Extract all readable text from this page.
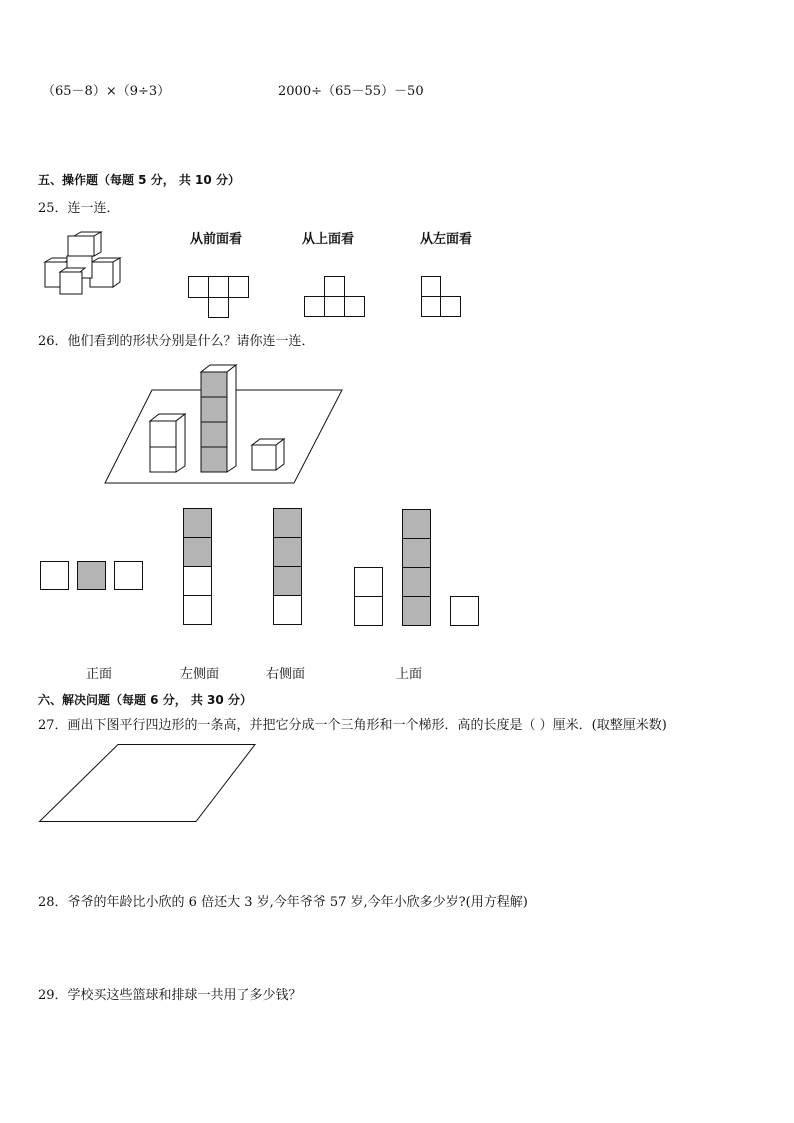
（65－8）×（9÷3）	2000÷（65－55）－50
五、操作题（每题 5 分， 共 10 分）
25．连一连．
从前面看	从上面看	从左面看
26．他们看到的形状分别是什么？请你连一连．
正面	左侧面	右侧面	上面
六、解决问题（每题 6 分， 共 30 分）
27．画出下图平行四边形的一条高，并把它分成一个三角形和一个梯形．高的长度是（ ）厘米．(取整厘米数)
28．爷爷的年龄比小欣的 6 倍还大 3 岁,今年爷爷 57 岁,今年小欣多少岁?(用方程解)
29．学校买这些篮球和排球一共用了多少钱？
